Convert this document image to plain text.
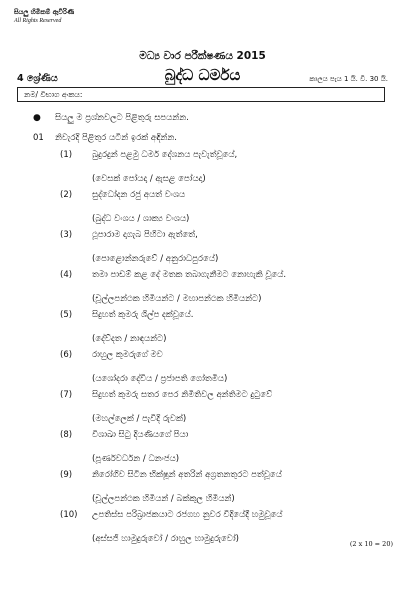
සියලු හිමිකම් ඇවිරිණි
All Rights Reserved
මධ්‍ය වාර පරීක්ෂණය 2015
4 ශ්‍රේණිය	බුද්ධ ධර්මය	කාලය පැය 1 යි. වි. 30 යි.
නම/ විභාග අංකය:
● සියලු ම ප්‍රශ්නවලට පිළිතුරු සපයන්න.
01 නිවැරදි පිළිතුර යටින් ඉරක් අඳින්න.
(1)	බුදුරදුන් පළමු ධර්ම දේශනය පැවැත්වූයේ,
(වෙසක් පෝයදා / ඇසළ පෝයදා)
(2)	සුද්ධෝදන රජු අයත් වංශය
(බුද්ධ වංශය / ශාක්‍ය වංශය)
(3)	ථූපාරාම දාගැබ පිහිටා ඇත්තේ,
(පොළොන්නරුවේ / අනුරාධපුරයේ)
(4)	තමා පාඩම් කළ දේ මතක තබාගැනීමට නොහැකි වූයේ.
(චූල්ලපන්ථක හිමියන්ට / මහාපන්ථක හිමියන්ට)
(5)	සිදුහත් කුමරු ශිල්ප දක්වූයේ.
(දේව්දත / නාඳයන්ට)
(6)	රාහුල කුමරුගේ මව
(යශෝදරා දේවිය / ප්‍රජාපති ගෝතමිය)
(7)	සිදුහත් කුමරු සතර පෙර නිමිතිවල අන්තිමට දුටුවේ
(මහල්ලෙක් / පැවිදි රුවක්)
(8)	විශාඛා සිටු දියණියගේ පියා
(පූර්ණවර්ධන / ධනංජය)
(9)	නිරෝගිව සිටින භික්ෂූන් අතරින් අග්‍රතනතුරට පත්වූයේ
(චූල්ලපන්ථක හිමියන් / බක්කුල හිමියන්)
(10)	උපතිස්ස පරිබ්‍රාජකයාට රජගහ නුවර වීදියේදී හමුවූයේ
(අස්සජි හාමුදුරුවෝ / රාහුල හාමුදුරුවෝ)	(2 x 10 = 20)
